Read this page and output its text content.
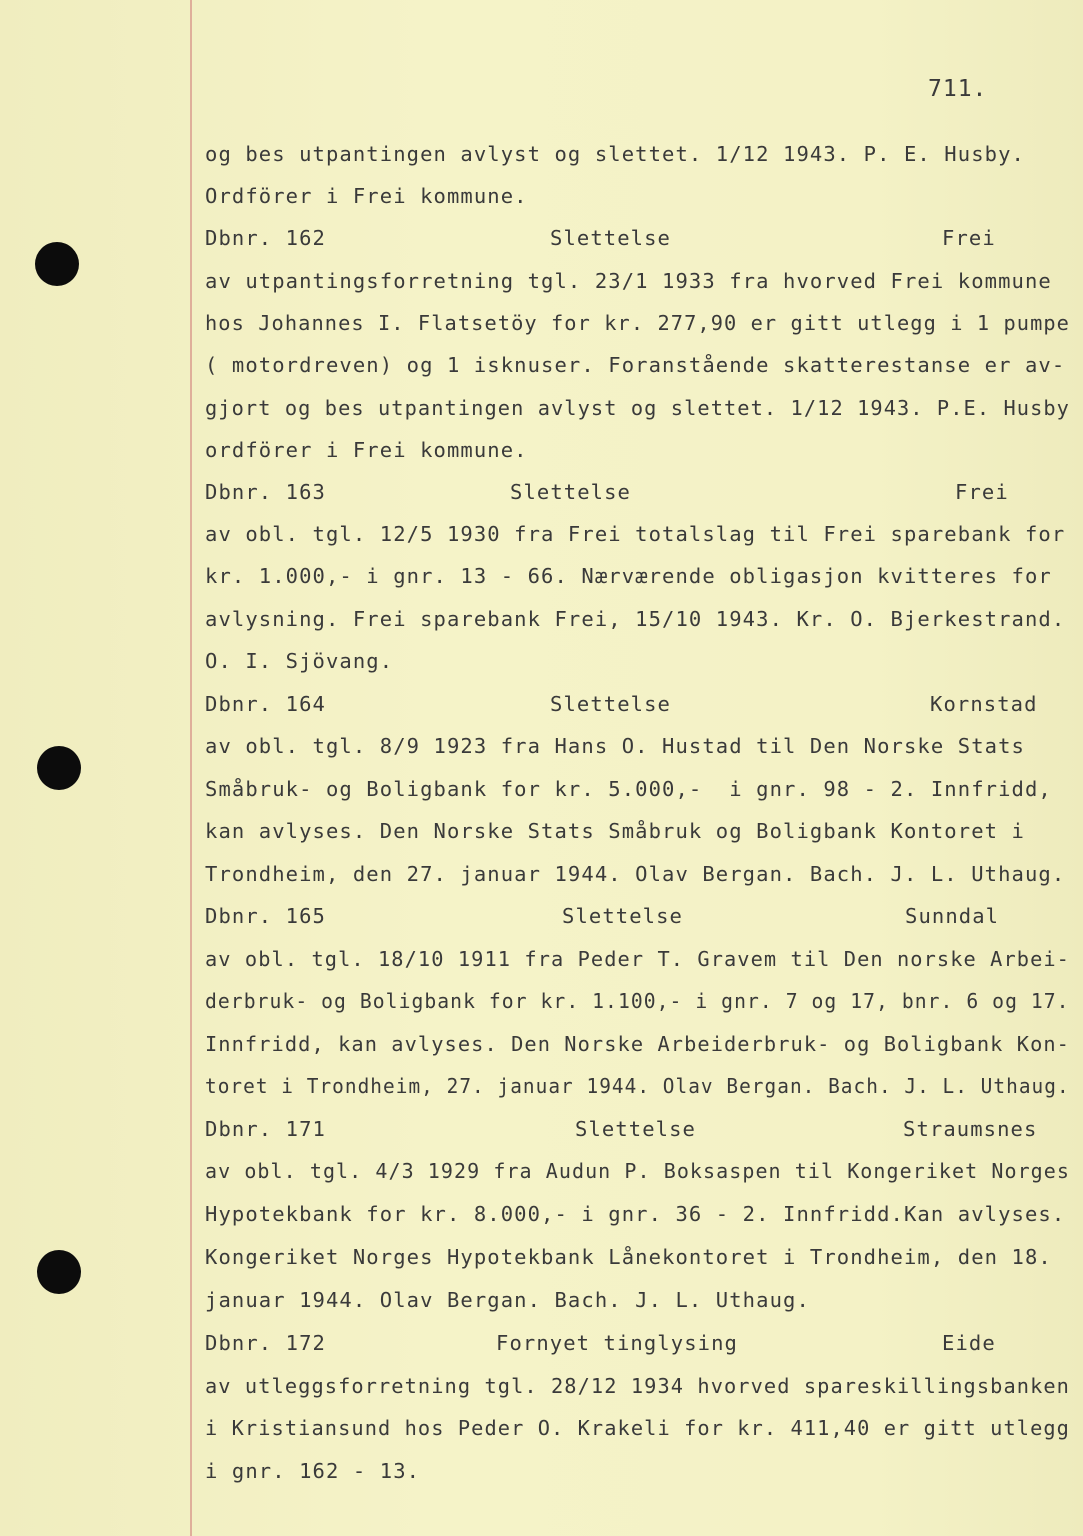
711.
og bes utpantingen avlyst og slettet. 1/12 1943. P. E. Husby.
Ordförer i Frei kommune.
Dbnr. 162	Slettelse	Frei
av utpantingsforretning tgl. 23/1 1933 fra hvorved Frei kommune
hos Johannes I. Flatsetöy for kr. 277,90 er gitt utlegg i 1 pumpe
( motordreven) og 1 isknuser. Foranstående skatterestanse er av-
gjort og bes utpantingen avlyst og slettet. 1/12 1943. P.E. Husby
ordförer i Frei kommune.
Dbnr. 163	Slettelse	Frei
av obl. tgl. 12/5 1930 fra Frei totalslag til Frei sparebank for
kr. 1.000,- i gnr. 13 - 66. Nærværende obligasjon kvitteres for
avlysning. Frei sparebank Frei, 15/10 1943. Kr. O. Bjerkestrand.
O. I. Sjövang.
Dbnr. 164	Slettelse	Kornstad
av obl. tgl. 8/9 1923 fra Hans O. Hustad til Den Norske Stats
Småbruk- og Boligbank for kr. 5.000,-  i gnr. 98 - 2. Innfridd,
kan avlyses. Den Norske Stats Småbruk og Boligbank Kontoret i
Trondheim, den 27. januar 1944. Olav Bergan. Bach. J. L. Uthaug.
Dbnr. 165	Slettelse	Sunndal
av obl. tgl. 18/10 1911 fra Peder T. Gravem til Den norske Arbei-
derbruk- og Boligbank for kr. 1.100,- i gnr. 7 og 17, bnr. 6 og 17.
Innfridd, kan avlyses. Den Norske Arbeiderbruk- og Boligbank Kon-
toret i Trondheim, 27. januar 1944. Olav Bergan. Bach. J. L. Uthaug.
Dbnr. 171	Slettelse	Straumsnes
av obl. tgl. 4/3 1929 fra Audun P. Boksaspen til Kongeriket Norges
Hypotekbank for kr. 8.000,- i gnr. 36 - 2. Innfridd.Kan avlyses.
Kongeriket Norges Hypotekbank Lånekontoret i Trondheim, den 18.
januar 1944. Olav Bergan. Bach. J. L. Uthaug.
Dbnr. 172	Fornyet tinglysing	Eide
av utleggsforretning tgl. 28/12 1934 hvorved spareskillingsbanken
i Kristiansund hos Peder O. Krakeli for kr. 411,40 er gitt utlegg
i gnr. 162 - 13.
